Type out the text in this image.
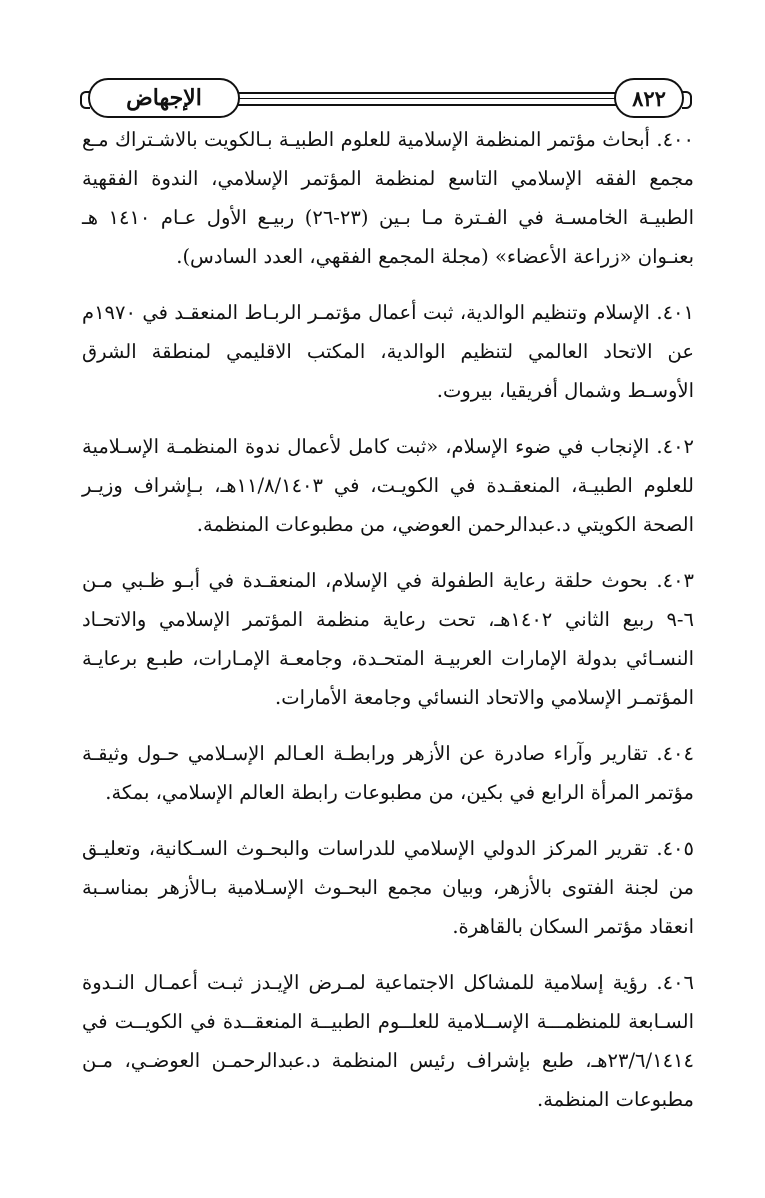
الإجهاض	٨٢٢

٤٠٠. أبحاث مؤتمر المنظمة الإسلامية للعلوم الطبيـة بـالكويت بالاشـتراك مـع مجمع الفقه الإسلامي التاسع لمنظمة المؤتمر الإسلامي، الندوة الفقهية الطبيـة الخامسـة في الفـترة مـا بـين (٢٣-٢٦) ربيـع الأول عـام ١٤١٠ هـ بعنـوان «زراعة الأعضاء» (مجلة المجمع الفقهي، العدد السادس).

٤٠١. الإسلام وتنظيم الوالدية، ثبت أعمال مؤتمـر الربـاط المنعقـد في ١٩٧٠م عن الاتحاد العالمي لتنظيم الوالدية، المكتب الاقليمي لمنطقة الشرق الأوسـط وشمال أفريقيا، بيروت.

٤٠٢. الإنجاب في ضوء الإسلام، «ثبت كامل لأعمال ندوة المنظمـة الإسـلامية للعلوم الطبيـة، المنعقـدة في الكويـت، في ١١/٨/١٤٠٣هـ، بـإشراف وزيـر الصحة الكويتي د.عبدالرحمن العوضي، من مطبوعات المنظمة.

٤٠٣. بحوث حلقة رعاية الطفولة في الإسلام، المنعقـدة في أبـو ظـبي مـن ٦-٩ ربيع الثاني ١٤٠٢هـ، تحت رعاية منظمة المؤتمر الإسلامي والاتحـاد النسـائي بدولة الإمارات العربيـة المتحـدة، وجامعـة الإمـارات، طبـع برعايـة المؤتمـر الإسلامي والاتحاد النسائي وجامعة الأمارات.

٤٠٤. تقارير وآراء صادرة عن الأزهر ورابطـة العـالم الإسـلامي حـول وثيقـة مؤتمر المرأة الرابع في بكين، من مطبوعات رابطة العالم الإسلامي، بمكة.

٤٠٥. تقرير المركز الدولي الإسلامي للدراسات والبحـوث السـكانية، وتعليـق من لجنة الفتوى بالأزهر، وبيان مجمع البحـوث الإسـلامية بـالأزهر بمناسـبة انعقاد مؤتمر السكان بالقاهرة.

٤٠٦. رؤية إسلامية للمشاكل الاجتماعية لمـرض الإيـدز ثبـت أعمـال النـدوة السـابعة للمنظمـــة الإســلامية للعلــوم الطبيــة المنعقــدة في الكويــت في ٢٣/٦/١٤١٤هـ، طبع بإشراف رئيس المنظمة د.عبدالرحمـن العوضـي، مـن مطبوعات المنظمة.
